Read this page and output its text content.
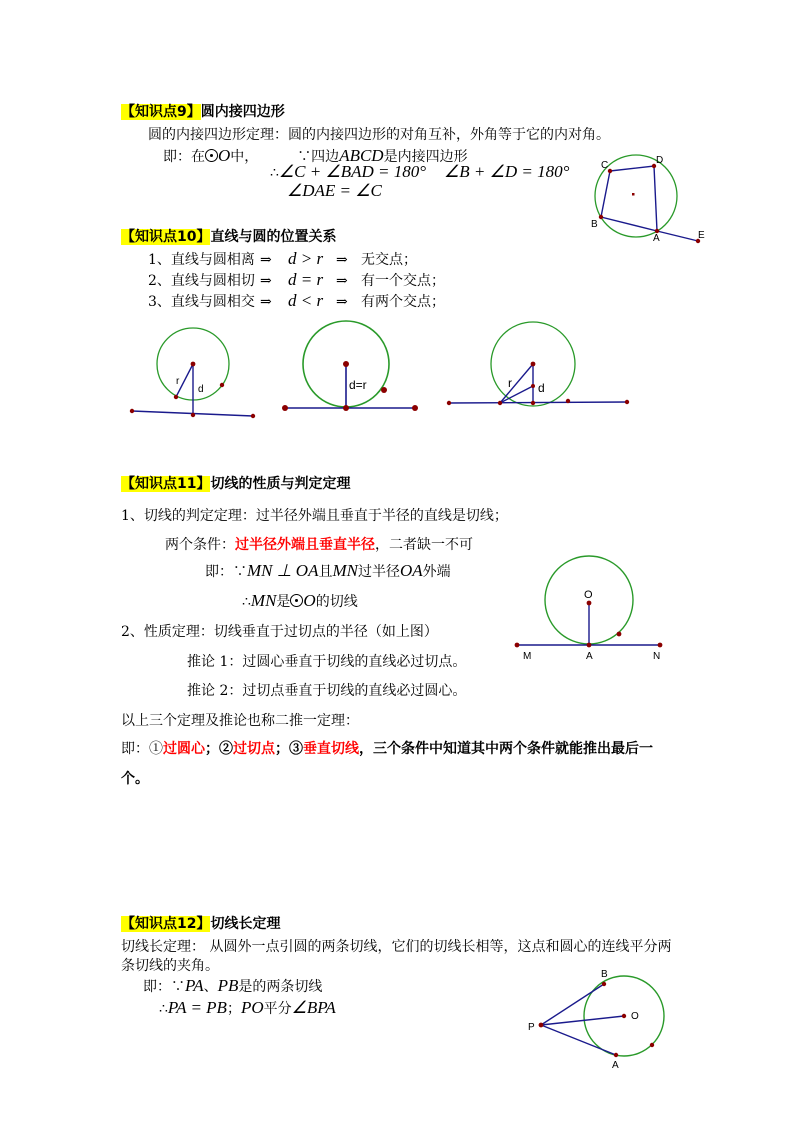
【知识点9】圆内接四边形
圆的内接四边形定理：圆的内接四边形的对角互补，外角等于它的内对角。
即：在 O中，	∵四边ABCD是内接四边形
∴∠C + ∠BAD = 180° ∠B + ∠D = 180°
∠DAE = ∠C
C	D
B
A	E
r
d	d=r	r d
O
M	A	N
B
O
P
A
【知识点10】直线与圆的位置关系
1、直线与圆相离 ⇒ d > r ⇒ 无交点；
2、直线与圆相切 ⇒ d = r ⇒ 有一个交点；
3、直线与圆相交 ⇒ d < r ⇒ 有两个交点；
【知识点11】切线的性质与判定定理
1、切线的判定定理：过半径外端且垂直于半径的直线是切线；
两个条件：过半径外端且垂直半径，二者缺一不可
即：∵MN ⊥ OA且MN过半径OA外端
∴MN是 O的切线
2、性质定理：切线垂直于过切点的半径（如上图）
推论 1：过圆心垂直于切线的直线必过切点。
推论 2：过切点垂直于切线的直线必过圆心。
以上三个定理及推论也称二推一定理：
即：①过圆心；②过切点；③垂直切线，三个条件中知道其中两个条件就能推出最后一
个。
【知识点12】切线长定理
切线长定理： 从圆外一点引圆的两条切线，它们的切线长相等，这点和圆心的连线平分两
条切线的夹角。
即：∵PA、PB是的两条切线
∴PA = PB；PO平分∠BPA
